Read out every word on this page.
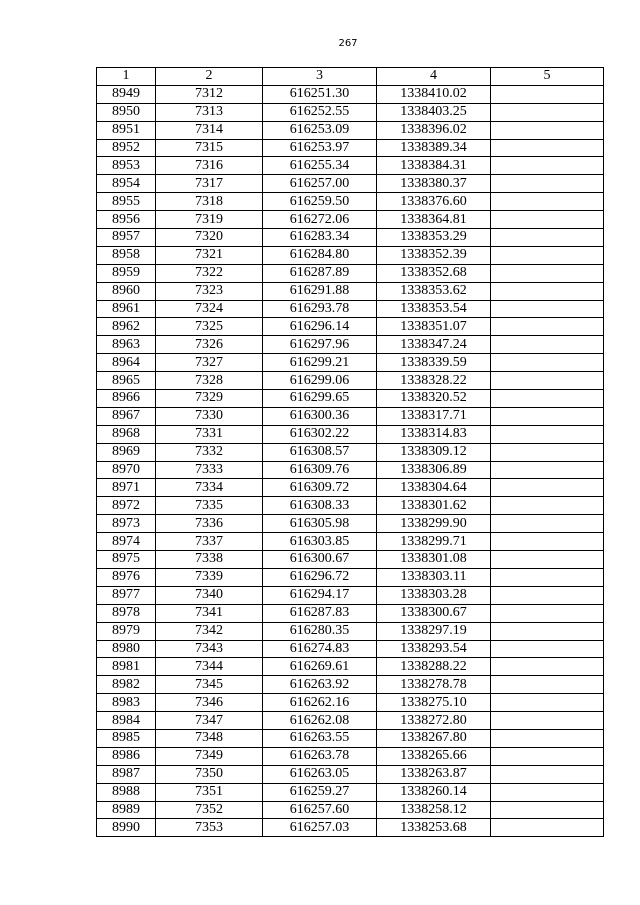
267
1	2	3	4	5
8949	7312	616251.30	1338410.02	
8950	7313	616252.55	1338403.25	
8951	7314	616253.09	1338396.02	
8952	7315	616253.97	1338389.34	
8953	7316	616255.34	1338384.31	
8954	7317	616257.00	1338380.37	
8955	7318	616259.50	1338376.60	
8956	7319	616272.06	1338364.81	
8957	7320	616283.34	1338353.29	
8958	7321	616284.80	1338352.39	
8959	7322	616287.89	1338352.68	
8960	7323	616291.88	1338353.62	
8961	7324	616293.78	1338353.54	
8962	7325	616296.14	1338351.07	
8963	7326	616297.96	1338347.24	
8964	7327	616299.21	1338339.59	
8965	7328	616299.06	1338328.22	
8966	7329	616299.65	1338320.52	
8967	7330	616300.36	1338317.71	
8968	7331	616302.22	1338314.83	
8969	7332	616308.57	1338309.12	
8970	7333	616309.76	1338306.89	
8971	7334	616309.72	1338304.64	
8972	7335	616308.33	1338301.62	
8973	7336	616305.98	1338299.90	
8974	7337	616303.85	1338299.71	
8975	7338	616300.67	1338301.08	
8976	7339	616296.72	1338303.11	
8977	7340	616294.17	1338303.28	
8978	7341	616287.83	1338300.67	
8979	7342	616280.35	1338297.19	
8980	7343	616274.83	1338293.54	
8981	7344	616269.61	1338288.22	
8982	7345	616263.92	1338278.78	
8983	7346	616262.16	1338275.10	
8984	7347	616262.08	1338272.80	
8985	7348	616263.55	1338267.80	
8986	7349	616263.78	1338265.66	
8987	7350	616263.05	1338263.87	
8988	7351	616259.27	1338260.14	
8989	7352	616257.60	1338258.12	
8990	7353	616257.03	1338253.68	
